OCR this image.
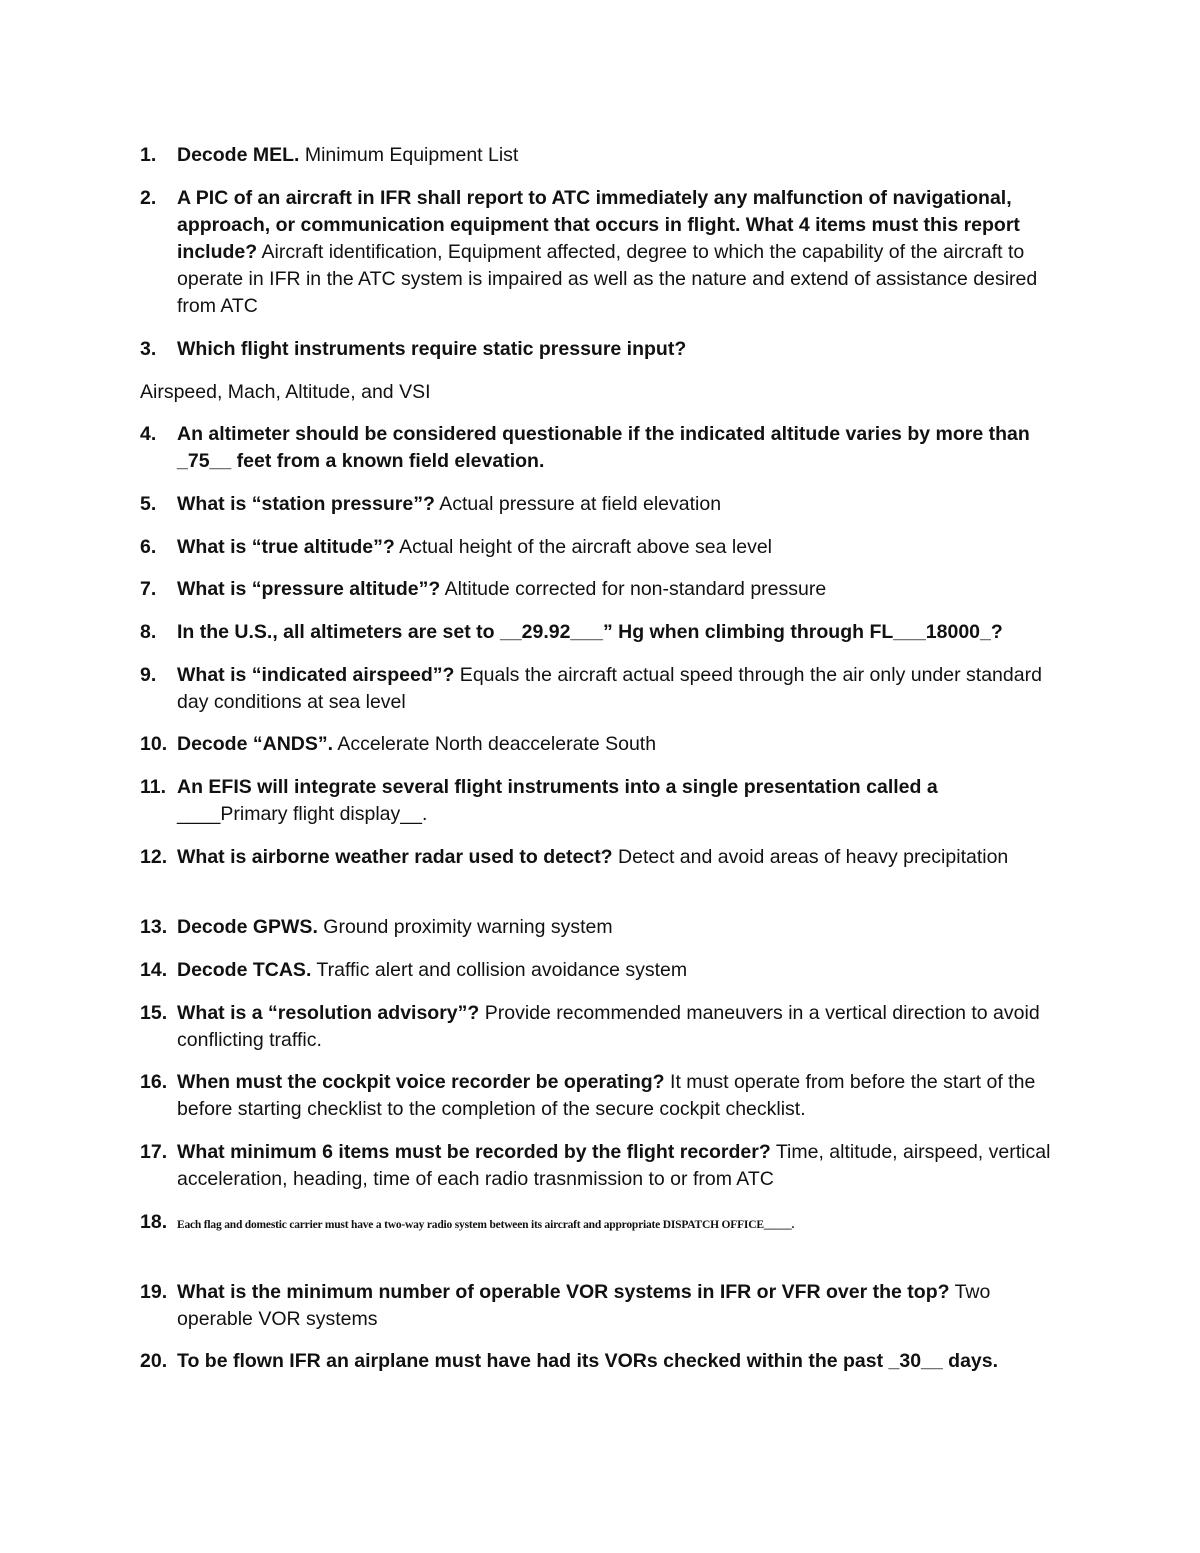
1. Decode MEL. Minimum Equipment List
2. A PIC of an aircraft in IFR shall report to ATC immediately any malfunction of navigational, approach, or communication equipment that occurs in flight. What 4 items must this report include? Aircraft identification, Equipment affected, degree to which the capability of the aircraft to operate in IFR in the ATC system is impaired as well as the nature and extend of assistance desired from ATC
3. Which flight instruments require static pressure input?
Airspeed, Mach, Altitude, and VSI
4. An altimeter should be considered questionable if the indicated altitude varies by more than _75__ feet from a known field elevation.
5. What is “station pressure”? Actual pressure at field elevation
6. What is “true altitude”? Actual height of the aircraft above sea level
7. What is “pressure altitude”? Altitude corrected for non-standard pressure
8. In the U.S., all altimeters are set to __29.92___” Hg when climbing through FL___18000_?
9. What is “indicated airspeed”? Equals the aircraft actual speed through the air only under standard day conditions at sea level
10. Decode “ANDS”. Accelerate North deaccelerate South
11. An EFIS will integrate several flight instruments into a single presentation called a
____Primary flight display__.
12. What is airborne weather radar used to detect? Detect and avoid areas of heavy precipitation
13. Decode GPWS. Ground proximity warning system
14. Decode TCAS. Traffic alert and collision avoidance system
15. What is a “resolution advisory”? Provide recommended maneuvers in a vertical direction to avoid conflicting traffic.
16. When must the cockpit voice recorder be operating? It must operate from before the start of the before starting checklist to the completion of the secure cockpit checklist.
17. What minimum 6 items must be recorded by the flight recorder? Time, altitude, airspeed, vertical acceleration, heading, time of each radio trasnmission to or from ATC
18. Each flag and domestic carrier must have a two-way radio system between its aircraft and appropriate DISPATCH OFFICE_____.
19. What is the minimum number of operable VOR systems in IFR or VFR over the top? Two operable VOR systems
20. To be flown IFR an airplane must have had its VORs checked within the past _30__ days.
